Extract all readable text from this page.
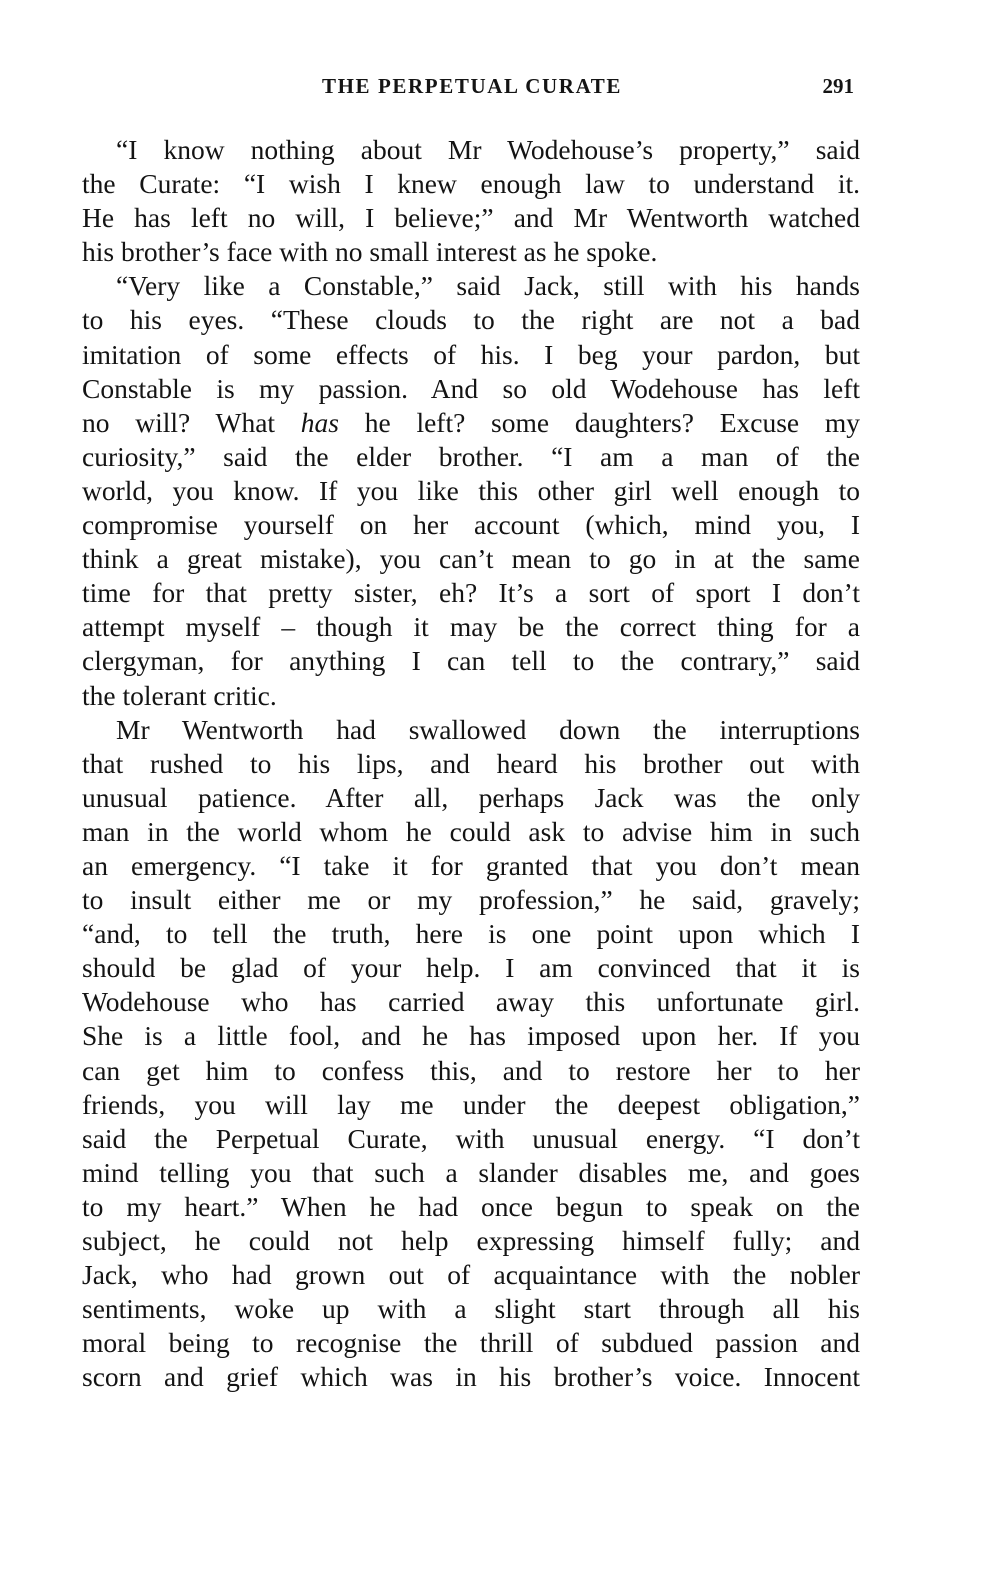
THE PERPETUAL CURATE	291
“I know nothing about Mr Wodehouse’s property,” said
the Curate: “I wish I knew enough law to understand it.
He has left no will, I believe;” and Mr Wentworth watched
his brother’s face with no small interest as he spoke.
“Very like a Constable,” said Jack, still with his hands
to his eyes. “These clouds to the right are not a bad
imitation of some effects of his. I beg your pardon, but
Constable is my passion. And so old Wodehouse has left
no will? What has he left? some daughters? Excuse my
curiosity,” said the elder brother. “I am a man of the
world, you know. If you like this other girl well enough to
compromise yourself on her account (which, mind you, I
think a great mistake), you can’t mean to go in at the same
time for that pretty sister, eh? It’s a sort of sport I don’t
attempt myself – though it may be the correct thing for a
clergyman, for anything I can tell to the contrary,” said
the tolerant critic.
Mr Wentworth had swallowed down the interruptions
that rushed to his lips, and heard his brother out with
unusual patience. After all, perhaps Jack was the only
man in the world whom he could ask to advise him in such
an emergency. “I take it for granted that you don’t mean
to insult either me or my profession,” he said, gravely;
“and, to tell the truth, here is one point upon which I
should be glad of your help. I am convinced that it is
Wodehouse who has carried away this unfortunate girl.
She is a little fool, and he has imposed upon her. If you
can get him to confess this, and to restore her to her
friends, you will lay me under the deepest obligation,”
said the Perpetual Curate, with unusual energy. “I don’t
mind telling you that such a slander disables me, and goes
to my heart.” When he had once begun to speak on the
subject, he could not help expressing himself fully; and
Jack, who had grown out of acquaintance with the nobler
sentiments, woke up with a slight start through all his
moral being to recognise the thrill of subdued passion and
scorn and grief which was in his brother’s voice. Innocent
